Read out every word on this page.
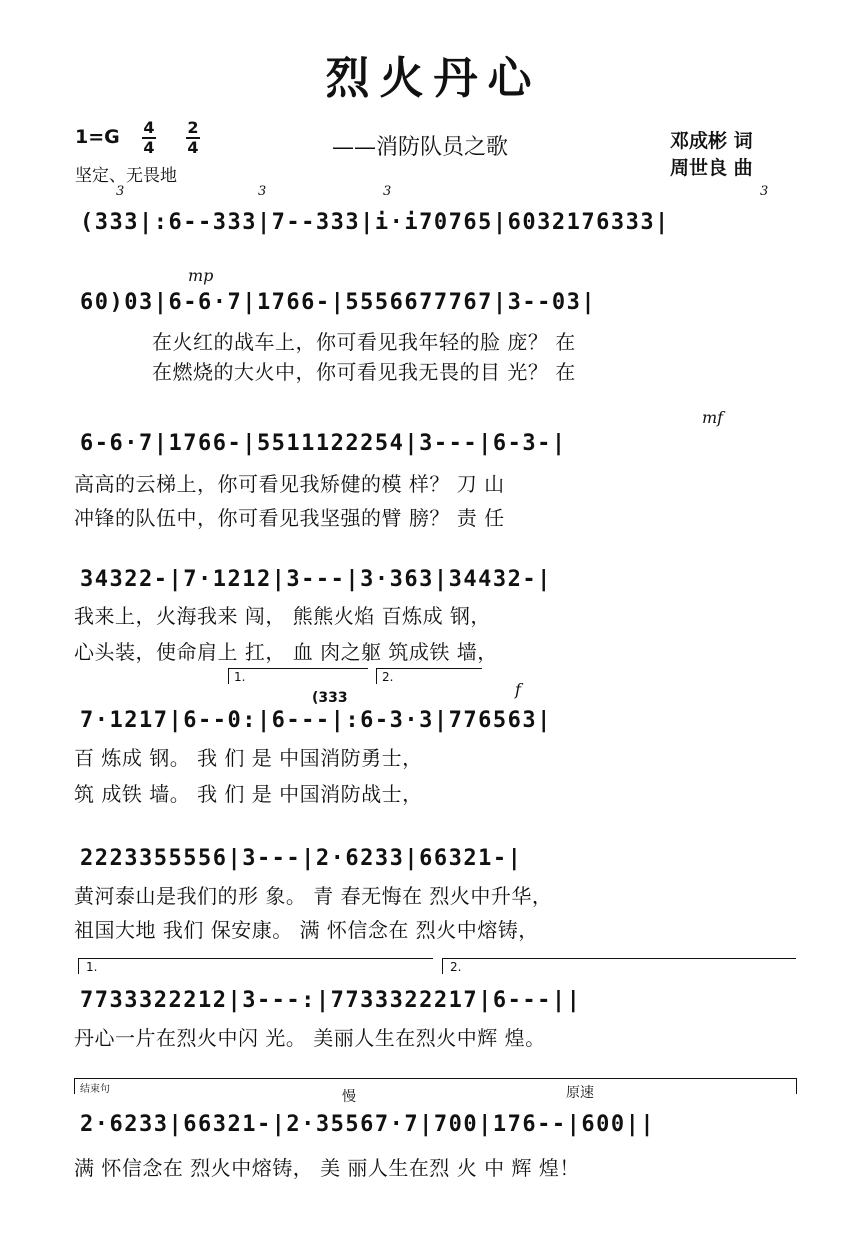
烈火丹心
1=G 4
4
2
4
坚定、无畏地
——消防队员之歌	邓成彬 词
周世良 曲
3	3	3	3
(333|:6--333|7--333|i·i70765|6032176333|
mp
60)03|6-6·7|1766-|5556677767|3--03|
在火红的战车上，你可看见我年轻的脸 庞？ 在
在燃烧的大火中，你可看见我无畏的目 光？ 在
mf
6-6·7|1766-|5511122254|3---|6-3-|
高高的云梯上，你可看见我矫健的模 样？ 刀 山
冲锋的队伍中，你可看见我坚强的臂 膀？ 责 任
34322-|7·1212|3---|3·363|34432-|
我来上，火海我来 闯， 熊熊火焰 百炼成 钢，
心头装，使命肩上 扛， 血 肉之躯 筑成铁 墙，
1.	2.
(333	f
7·1217|6--0:|6---|:6-3·3|776563|
百 炼成 钢。 我 们 是 中国消防勇士，
筑 成铁 墙。 我 们 是 中国消防战士，
2223355556|3---|2·6233|66321-|
黄河泰山是我们的形 象。 青 春无悔在 烈火中升华，
祖国大地 我们 保安康。 满 怀信念在 烈火中熔铸，
1.	2.
7733322212|3---:|7733322217|6---||
丹心一片在烈火中闪 光。 美丽人生在烈火中辉 煌。
结束句	慢	原速
2·6233|66321-|2·35567·7|700|176--|600||
满 怀信念在 烈火中熔铸， 美 丽人生在烈 火 中 辉 煌！
